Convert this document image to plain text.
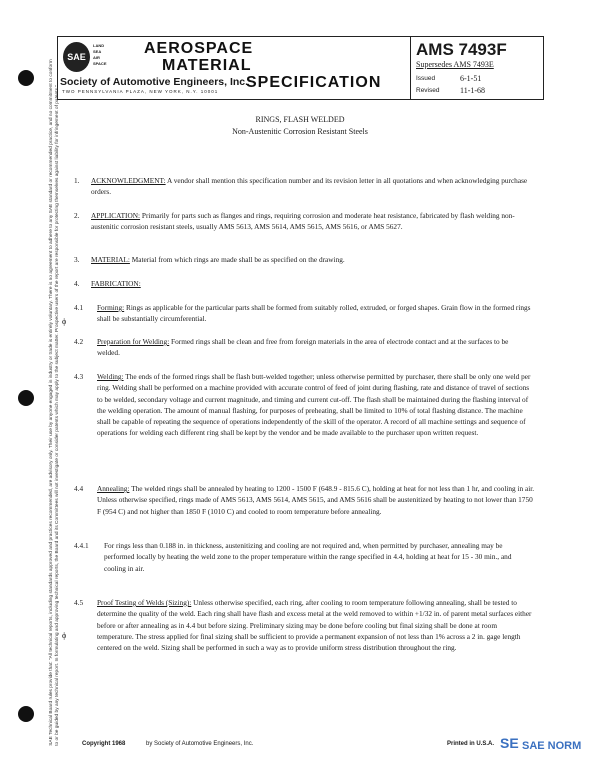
SAE
LAND
SEA
AIR
SPACE
Society of Automotive Engineers, Inc.
TWO PENNSYLVANIA PLAZA, NEW YORK, N.Y. 10001
AEROSPACE
MATERIAL
SPECIFICATION
AMS 7493F
Supersedes AMS 7493E
Issued	6-1-51
Revised	11-1-68
RINGS, FLASH WELDED
Non-Austenitic Corrosion Resistant Steels
SAE Technical Board rules provide that: "All technical reports, including standards approved and practices recommended, are advisory only. Their use by anyone engaged in industry or trade is entirely voluntary. There is no agreement to adhere to any SAE standard or recommended practice, and no commitment to conform to or be guided by any technical report. In formulating and approving technical reports, the Board and its Committees will not investigate or consider patents which may apply to the subject matter. Prospective users of the report are responsible for protecting themselves against liability for infringement of patents." ϕ
ϕ
1. ACKNOWLEDGMENT: A vendor shall mention this specification number and its revision letter in all quotations and when acknowledging purchase orders.
2. APPLICATION: Primarily for parts such as flanges and rings, requiring corrosion and moderate heat resistance, fabricated by flash welding non-austenitic corrosion resistant steels, usually AMS 5613, AMS 5614, AMS 5615, AMS 5616, or AMS 5627.
3. MATERIAL: Material from which rings are made shall be as specified on the drawing.
4. FABRICATION:
4.1 Forming: Rings as applicable for the particular parts shall be formed from suitably rolled, extruded, or forged shapes. Grain flow in the formed rings shall be substantially circumferential.
4.2 Preparation for Welding: Formed rings shall be clean and free from foreign materials in the area of electrode contact and at the surfaces to be welded.
4.3 Welding: The ends of the formed rings shall be flash butt-welded together; unless otherwise permitted by purchaser, there shall be only one weld per ring. Welding shall be performed on a machine provided with accurate control of feed of joint during flashing, rate and distance of travel of sections to be welded, secondary voltage and current magnitude, and timing and current cut-off. The flash shall be maintained during the flashing interval of the welding operation. The amount of manual flashing, for purposes of preheating, shall be limited to 10% of total flashing distance. The machine shall be capable of repeating the sequence of operations independently of the skill of the operator. A record of all machine settings and sequence of operations for welding each different ring shall be kept by the vendor and be made available to the purchaser upon written request.
4.4 Annealing: The welded rings shall be annealed by heating to 1200 - 1500 F (648.9 - 815.6 C), holding at heat for not less than 1 hr, and cooling in air. Unless otherwise specified, rings made of AMS 5613, AMS 5614, AMS 5615, and AMS 5616 shall be austenitized by heating to not lower than 1750 F (954 C) and not higher than 1850 F (1010 C) and cooled to room temperature before annealing.
4.4.1 For rings less than 0.188 in. in thickness, austenitizing and cooling are not required and, when permitted by purchaser, annealing may be performed locally by heating the weld zone to the proper temperature within the range specified in 4.4, holding at heat for 15 - 30 min., and cooling in air.
4.5 Proof Testing of Welds (Sizing): Unless otherwise specified, each ring, after cooling to room temperature following annealing, shall be tested to determine the quality of the weld. Each ring shall have flash and excess metal at the weld removed to within +1/32 in. of parent metal surfaces either before or after annealing as in 4.4 but before sizing. Preliminary sizing may be done before cooling but final sizing shall be done at room temperature. The stress applied for final sizing shall be sufficient to provide a permanent expansion of not less than 1% across a 2 in. gage length centered on the weld. Sizing shall be performed in such a way as to provide uniform stress distribution throughout the ring.
Copyright 1968	by Society of Automotive Engineers, Inc.	Printed in U.S.A. SE SAE NORM
